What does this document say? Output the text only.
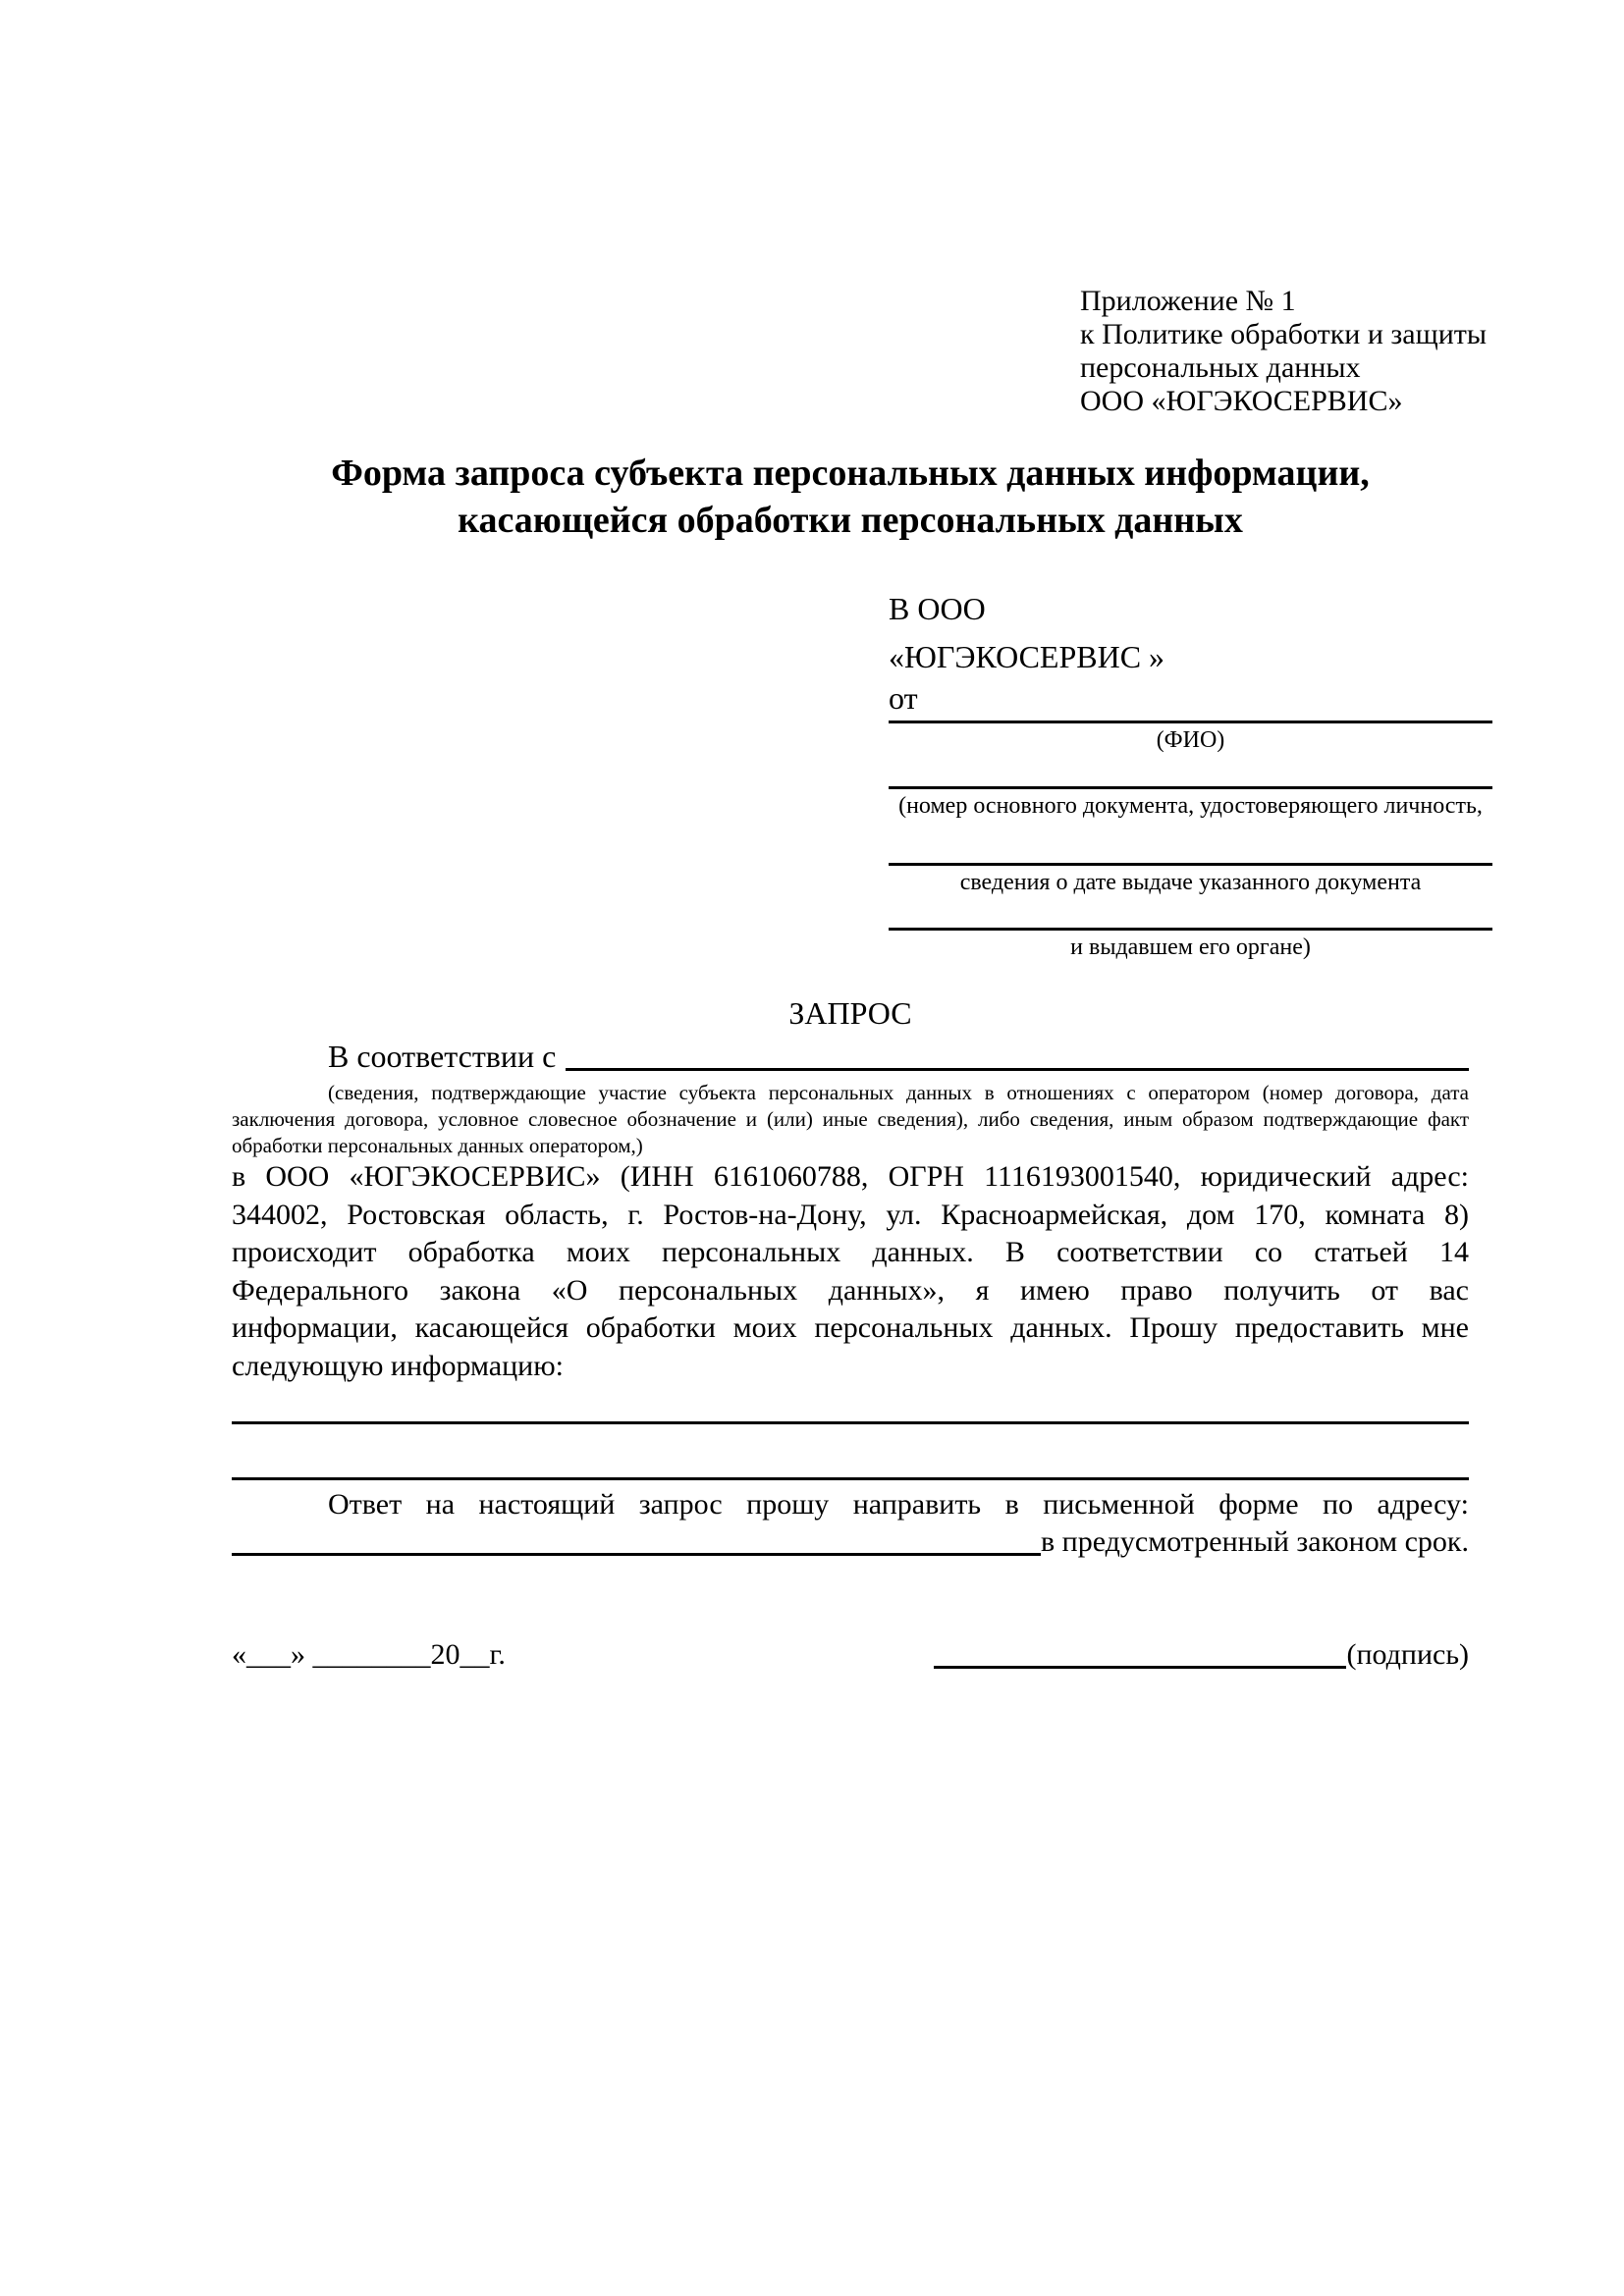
Приложение № 1
к Политике обработки и защиты
персональных данных
ООО «ЮГЭКОСЕРВИС»
Форма запроса субъекта персональных данных информации,
касающейся обработки персональных данных
В ООО
«ЮГЭКОСЕРВИС »
от
(ФИО)
(номер основного документа, удостоверяющего личность,
сведения о дате выдаче указанного документа
и выдавшем его органе)
ЗАПРОС
В соответствии с
(сведения, подтверждающие участие субъекта персональных данных в отношениях с оператором (номер договора, дата
заключения договора, условное словесное обозначение и (или) иные сведения), либо сведения, иным образом подтверждающие факт
обработки персональных данных оператором,)
в ООО «ЮГЭКОСЕРВИС» (ИНН 6161060788, ОГРН 1116193001540, юридический адрес:
344002, Ростовская область, г. Ростов-на-Дону, ул. Красноармейская, дом 170, комната 8)
происходит обработка моих персональных данных. В соответствии со статьей 14
Федерального закона «О персональных данных», я имею право получить от вас
информации, касающейся обработки моих персональных данных. Прошу предоставить мне
следующую информацию:
Ответ на настоящий запрос прошу направить в письменной форме по адресу:
в предусмотренный законом срок.
«___» ________20__г.	(подпись)
